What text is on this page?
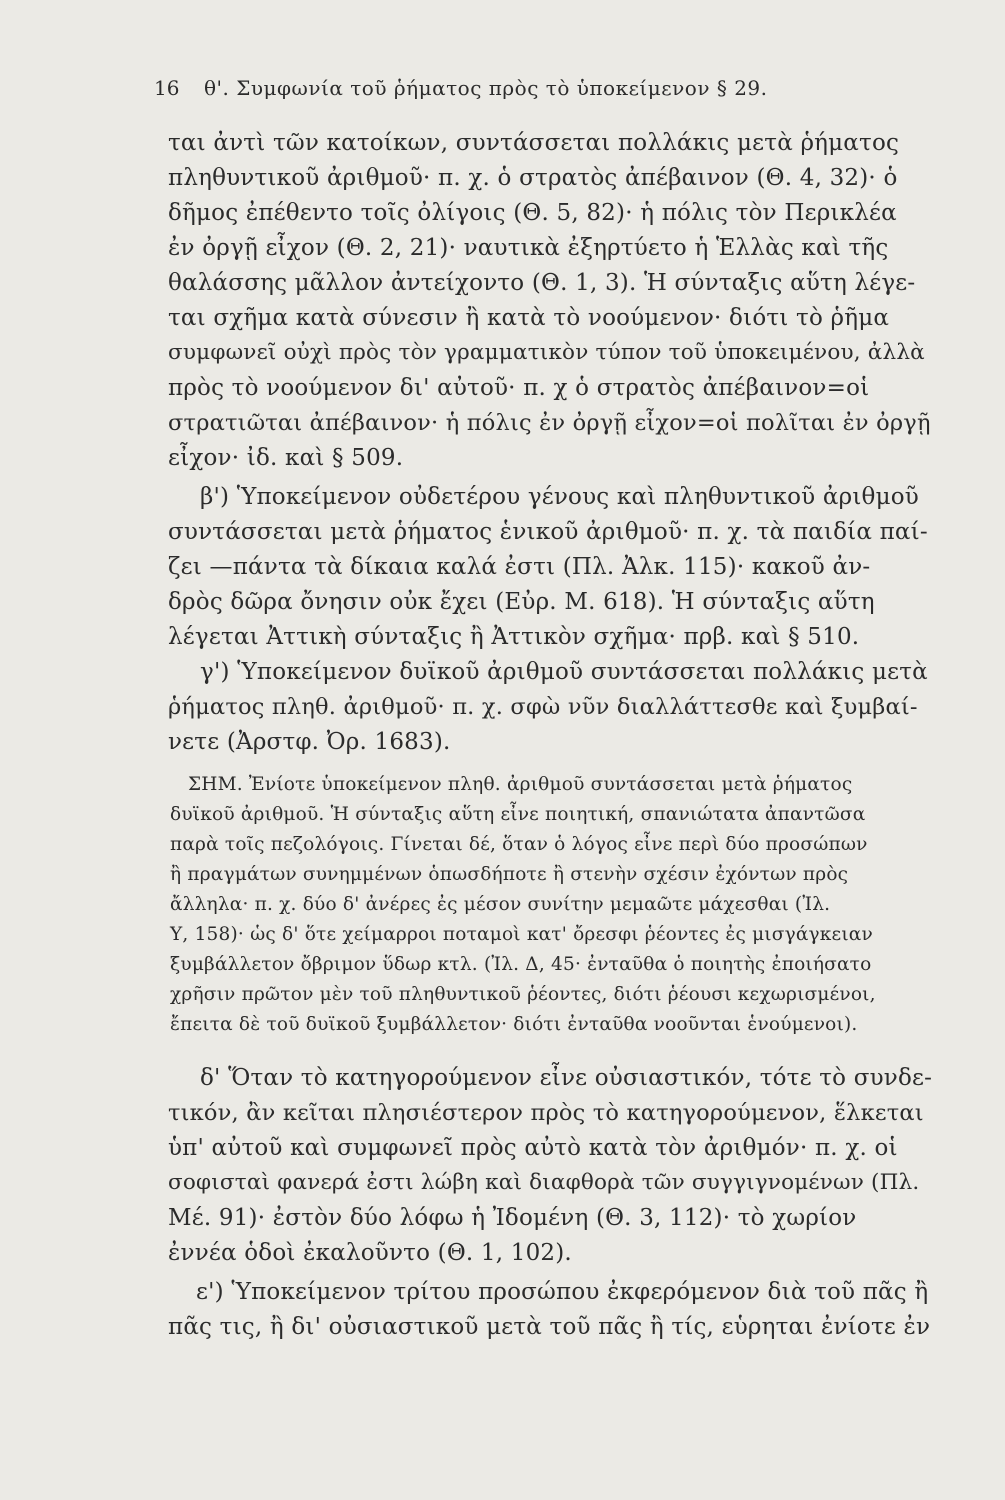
16 θ'. Συμφωνία τοῦ ῥήματος πρὸς τὸ ὑποκείμενον § 29.
ται ἀντὶ τῶν κατοίκων, συντάσσεται πολλάκις μετὰ ῥήματος
πληθυντικοῦ ἀριθμοῦ· π. χ. ὁ στρατὸς ἀπέβαινον (Θ. 4, 32)· ὁ
δῆμος ἐπέθεντο τοῖς ὀλίγοις (Θ. 5, 82)· ἡ πόλις τὸν Περικλέα
ἐν ὀργῇ εἶχον (Θ. 2, 21)· ναυτικὰ ἐξηρτύετο ἡ Ἑλλὰς καὶ τῆς
θαλάσσης μᾶλλον ἀντείχοντο (Θ. 1, 3). Ἡ σύνταξις αὕτη λέγε-
ται σχῆμα κατὰ σύνεσιν ἢ κατὰ τὸ νοούμενον· διότι τὸ ῥῆμα
συμφωνεῖ οὐχὶ πρὸς τὸν γραμματικὸν τύπον τοῦ ὑποκειμένου, ἀλλὰ
πρὸς τὸ νοούμενον δι' αὐτοῦ· π. χ ὁ στρατὸς ἀπέβαινον=οἱ
στρατιῶται ἀπέβαινον· ἡ πόλις ἐν ὀργῇ εἶχον=οἱ πολῖται ἐν ὀργῇ
εἶχον· ἰδ. καὶ § 509.
β') Ὑποκείμενον οὐδετέρου γένους καὶ πληθυντικοῦ ἀριθμοῦ
συντάσσεται μετὰ ῥήματος ἑνικοῦ ἀριθμοῦ· π. χ. τὰ παιδία παί-
ζει —πάντα τὰ δίκαια καλά ἐστι (Πλ. Ἀλκ. 115)· κακοῦ ἀν-
δρὸς δῶρα ὄνησιν οὐκ ἔχει (Εὐρ. Μ. 618). Ἡ σύνταξις αὕτη
λέγεται Ἀττικὴ σύνταξις ἢ Ἀττικὸν σχῆμα· πρβ. καὶ § 510.
γ') Ὑποκείμενον δυϊκοῦ ἀριθμοῦ συντάσσεται πολλάκις μετὰ
ῥήματος πληθ. ἀριθμοῦ· π. χ. σφὼ νῦν διαλλάττεσθε καὶ ξυμβαί-
νετε (Ἀρστφ. Ὀρ. 1683).
ΣΗΜ. Ἐνίοτε ὑποκείμενον πληθ. ἀριθμοῦ συντάσσεται μετὰ ῥήματος
δυϊκοῦ ἀριθμοῦ. Ἡ σύνταξις αὕτη εἶνε ποιητική, σπανιώτατα ἀπαντῶσα
παρὰ τοῖς πεζολόγοις. Γίνεται δέ, ὅταν ὁ λόγος εἶνε περὶ δύο προσώπων
ἢ πραγμάτων συνημμένων ὁπωσδήποτε ἢ στενὴν σχέσιν ἐχόντων πρὸς
ἄλληλα· π. χ. δύο δ' ἀνέρες ἐς μέσον συνίτην μεμαῶτε μάχεσθαι (Ἰλ.
Υ, 158)· ὡς δ' ὅτε χείμαρροι ποταμοὶ κατ' ὄρεσφι ῥέοντες ἐς μισγάγκειαν
ξυμβάλλετον ὄβριμον ὕδωρ κτλ. (Ἰλ. Δ, 45· ἐνταῦθα ὁ ποιητὴς ἐποιήσατο
χρῆσιν πρῶτον μὲν τοῦ πληθυντικοῦ ῥέοντες, διότι ῥέουσι κεχωρισμένοι,
ἔπειτα δὲ τοῦ δυϊκοῦ ξυμβάλλετον· διότι ἐνταῦθα νοοῦνται ἑνούμενοι).
δ' Ὅταν τὸ κατηγορούμενον εἶνε οὐσιαστικόν, τότε τὸ συνδε-
τικόν, ἂν κεῖται πλησιέστερον πρὸς τὸ κατηγορούμενον, ἕλκεται
ὑπ' αὐτοῦ καὶ συμφωνεῖ πρὸς αὐτὸ κατὰ τὸν ἀριθμόν· π. χ. οἱ
σοφισταὶ φανερά ἐστι λώβη καὶ διαφθορὰ τῶν συγγιγνομένων (Πλ.
Μέ. 91)· ἐστὸν δύο λόφω ἡ Ἰδομένη (Θ. 3, 112)· τὸ χωρίον
ἐννέα ὁδοὶ ἐκαλοῦντο (Θ. 1, 102).
ε') Ὑποκείμενον τρίτου προσώπου ἐκφερόμενον διὰ τοῦ πᾶς ἢ
πᾶς τις, ἢ δι' οὐσιαστικοῦ μετὰ τοῦ πᾶς ἢ τίς, εὑρηται ἐνίοτε ἐν
